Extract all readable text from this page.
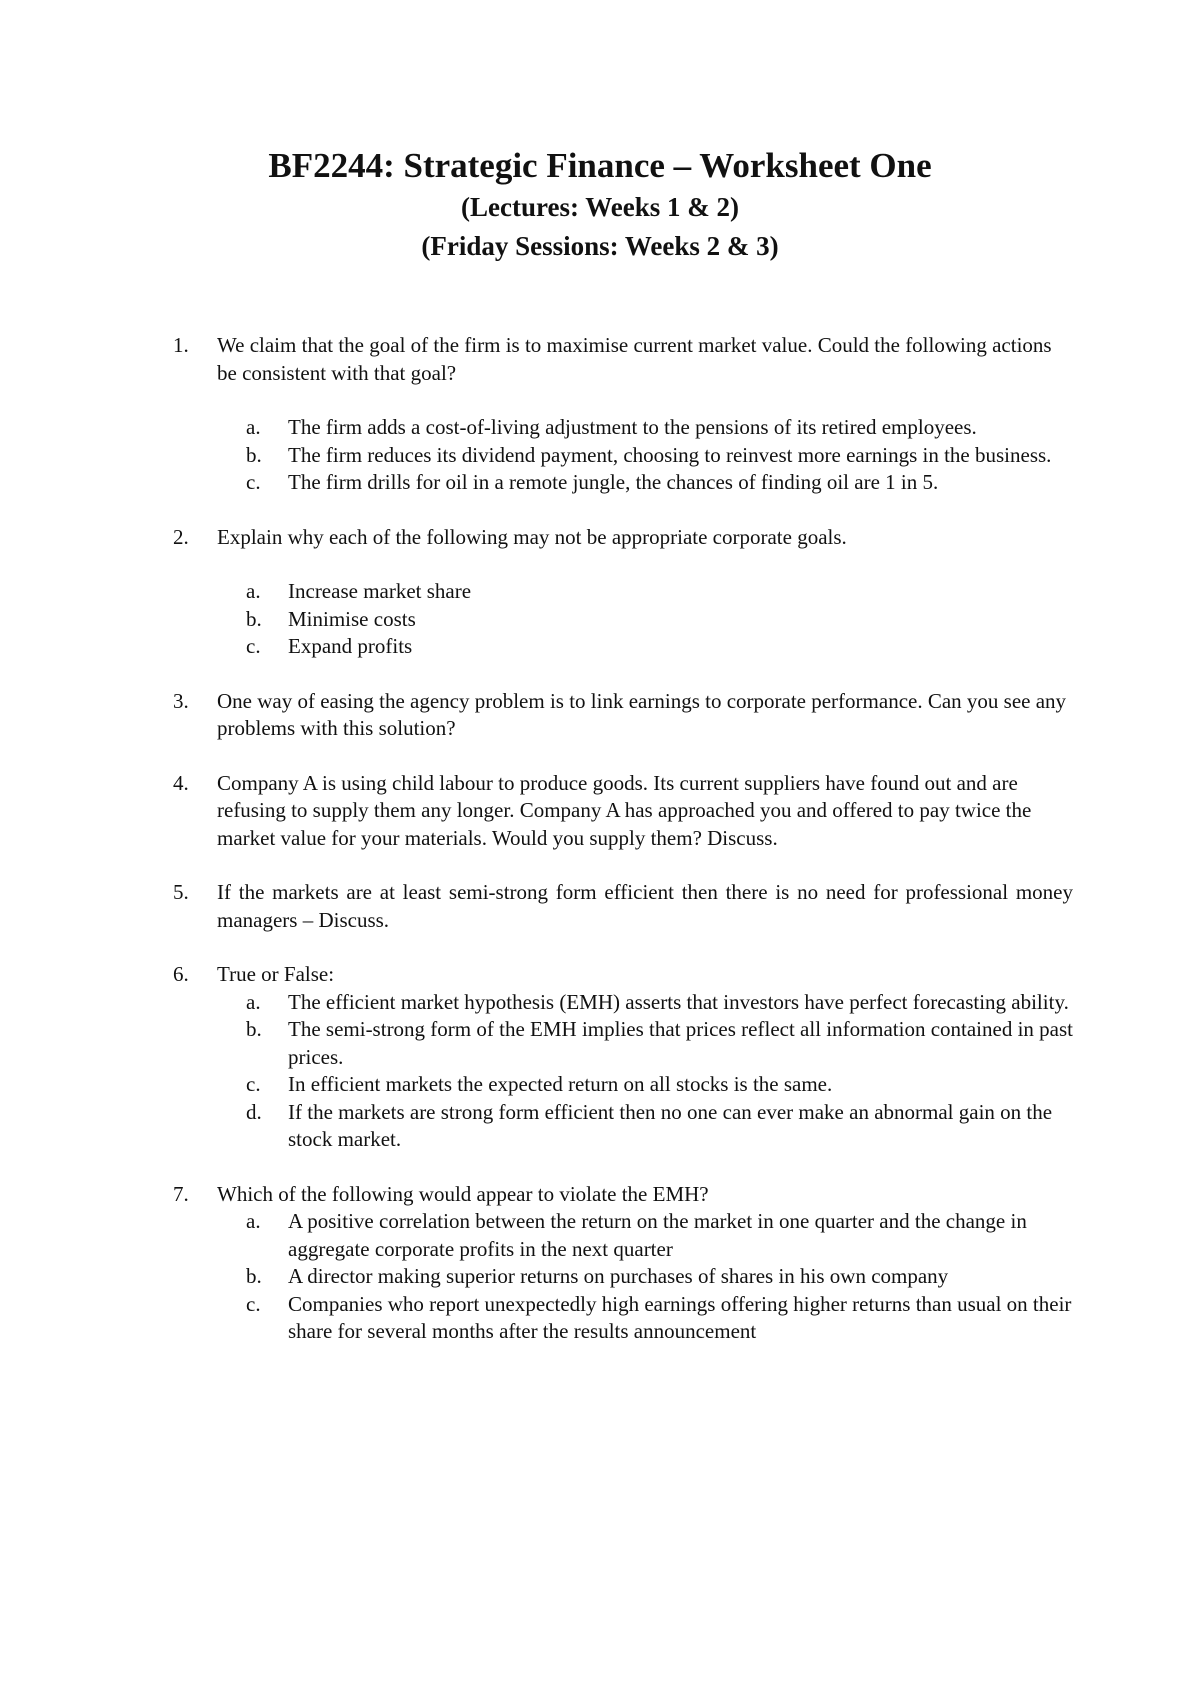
BF2244: Strategic Finance – Worksheet One
(Lectures: Weeks 1 & 2)
(Friday Sessions: Weeks 2 & 3)
1.	We claim that the goal of the firm is to maximise current market value. Could the following actions be consistent with that goal?
a.	The firm adds a cost-of-living adjustment to the pensions of its retired employees.
b.	The firm reduces its dividend payment, choosing to reinvest more earnings in the business.
c.	The firm drills for oil in a remote jungle, the chances of finding oil are 1 in 5.
2.	Explain why each of the following may not be appropriate corporate goals.
a.	Increase market share
b.	Minimise costs
c.	Expand profits
3.	One way of easing the agency problem is to link earnings to corporate performance. Can you see any problems with this solution?
4.	Company A is using child labour to produce goods. Its current suppliers have found out and are refusing to supply them any longer. Company A has approached you and offered to pay twice the market value for your materials. Would you supply them? Discuss.
5.	If the markets are at least semi-strong form efficient then there is no need for professional money managers – Discuss.
6.	True or False:
a.	The efficient market hypothesis (EMH) asserts that investors have perfect forecasting ability.
b.	The semi-strong form of the EMH implies that prices reflect all information contained in past prices.
c.	In efficient markets the expected return on all stocks is the same.
d.	If the markets are strong form efficient then no one can ever make an abnormal gain on the stock market.
7.	Which of the following would appear to violate the EMH?
a.	A positive correlation between the return on the market in one quarter and the change in aggregate corporate profits in the next quarter
b.	A director making superior returns on purchases of shares in his own company
c.	Companies who report unexpectedly high earnings offering higher returns than usual on their share for several months after the results announcement
